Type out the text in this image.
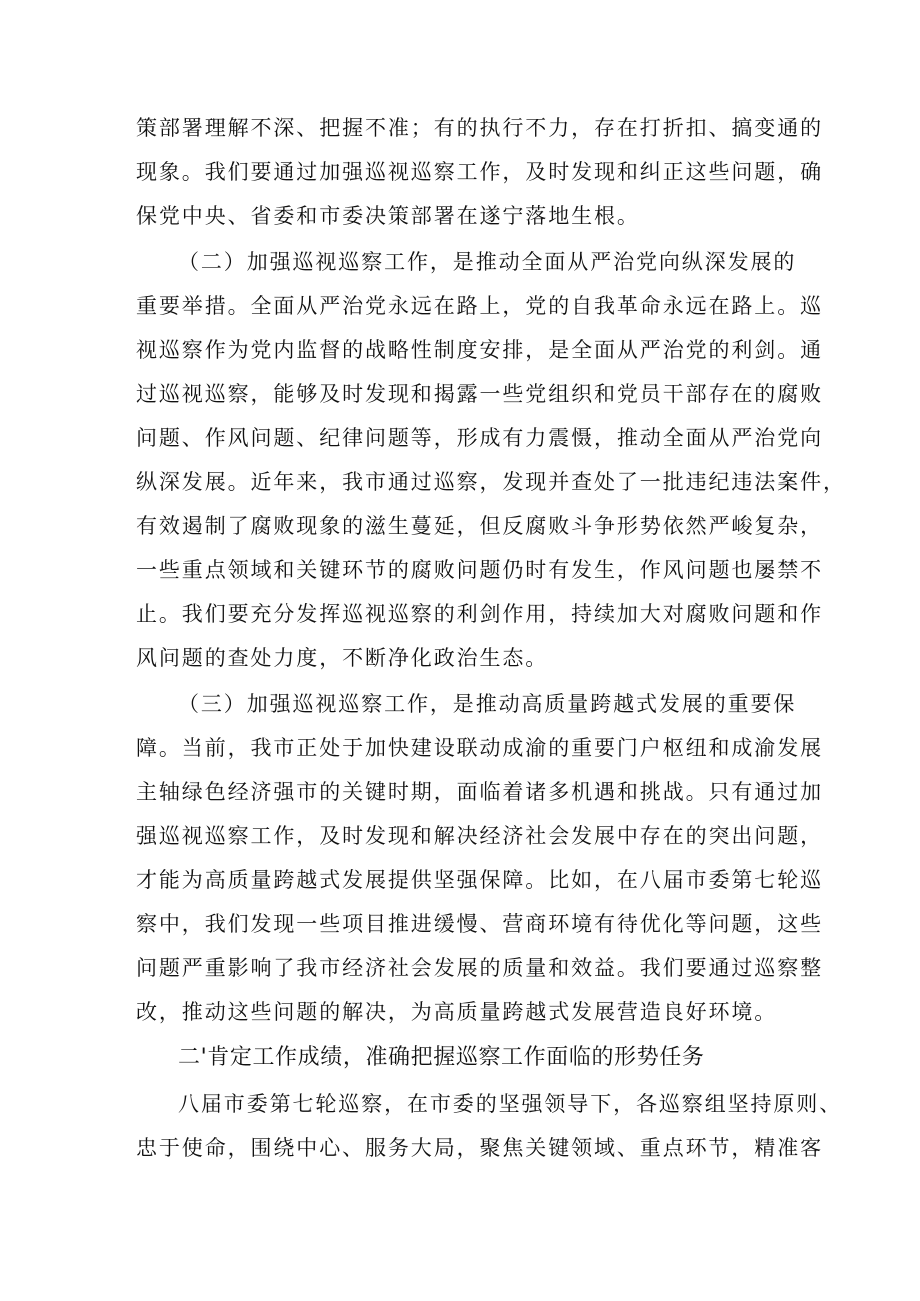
策部署理解不深、把握不准；有的执行不力，存在打折扣、搞变通的
现象。我们要通过加强巡视巡察工作，及时发现和纠正这些问题，确
保党中央、省委和市委决策部署在遂宁落地生根。
（二）加强巡视巡察工作，是推动全面从严治党向纵深发展的
重要举措。全面从严治党永远在路上，党的自我革命永远在路上。巡
视巡察作为党内监督的战略性制度安排，是全面从严治党的利剑。通
过巡视巡察，能够及时发现和揭露一些党组织和党员干部存在的腐败
问题、作风问题、纪律问题等，形成有力震慑，推动全面从严治党向
纵深发展。近年来，我市通过巡察，发现并查处了一批违纪违法案件，
有效遏制了腐败现象的滋生蔓延，但反腐败斗争形势依然严峻复杂，
一些重点领域和关键环节的腐败问题仍时有发生，作风问题也屡禁不
止。我们要充分发挥巡视巡察的利剑作用，持续加大对腐败问题和作
风问题的查处力度，不断净化政治生态。
（三）加强巡视巡察工作，是推动高质量跨越式发展的重要保
障。当前，我市正处于加快建设联动成渝的重要门户枢纽和成渝发展
主轴绿色经济强市的关键时期，面临着诸多机遇和挑战。只有通过加
强巡视巡察工作，及时发现和解决经济社会发展中存在的突出问题，
才能为高质量跨越式发展提供坚强保障。比如，在八届市委第七轮巡
察中，我们发现一些项目推进缓慢、营商环境有待优化等问题，这些
问题严重影响了我市经济社会发展的质量和效益。我们要通过巡察整
改，推动这些问题的解决，为高质量跨越式发展营造良好环境。
二'肯定工作成绩，准确把握巡察工作面临的形势任务
八届市委第七轮巡察，在市委的坚强领导下，各巡察组坚持原则、
忠于使命，围绕中心、服务大局，聚焦关键领域、重点环节，精准客
